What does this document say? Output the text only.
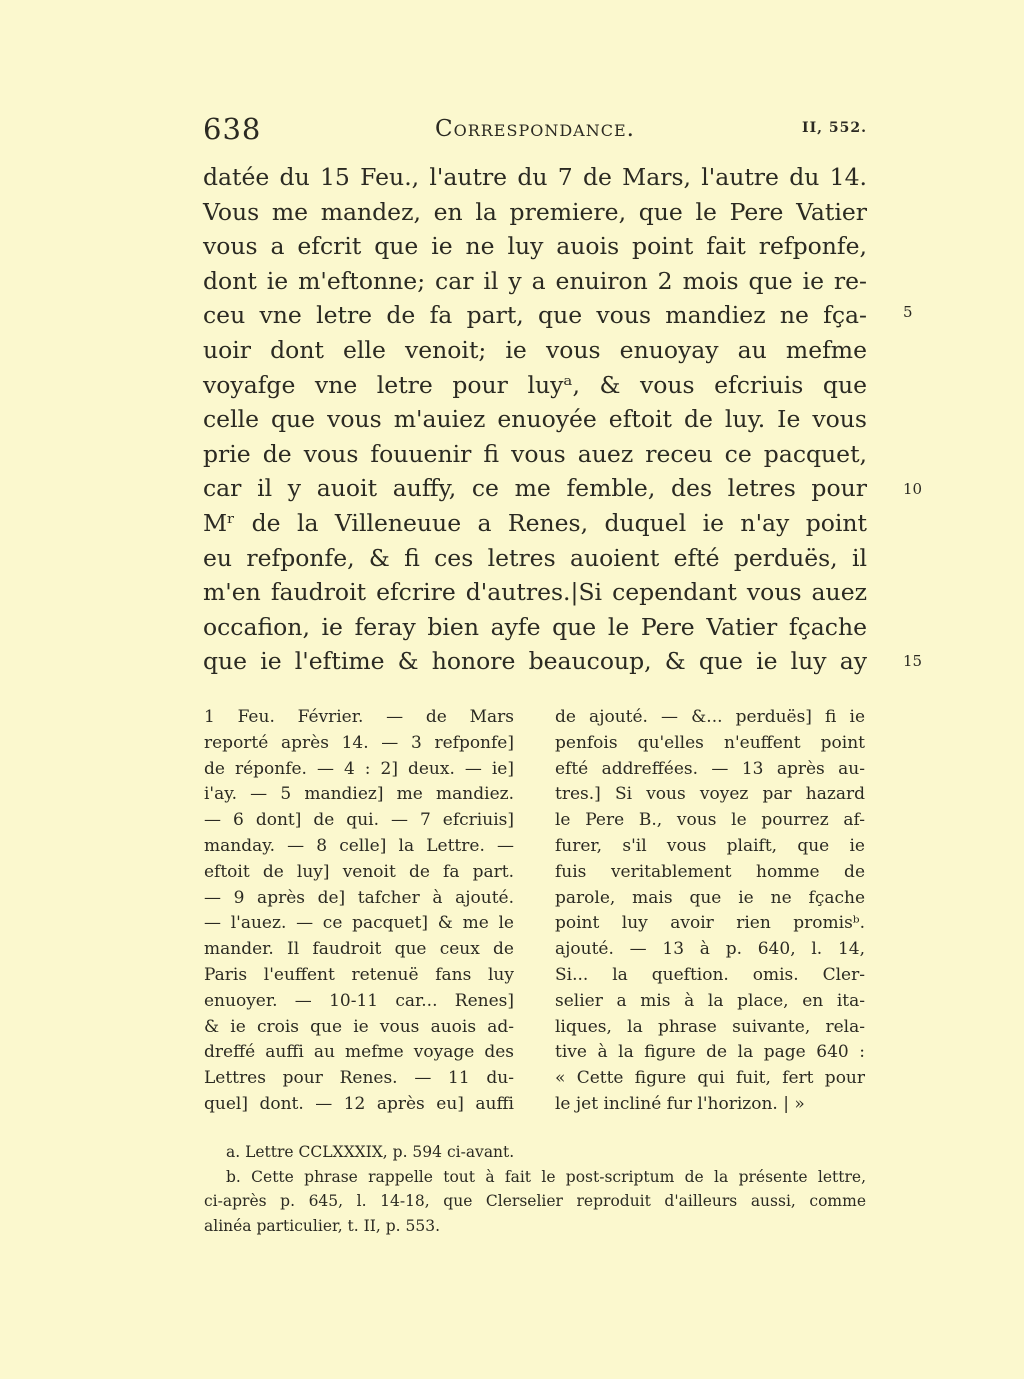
638	Correspondance.	II, 552.
datée du 15 Feu., l'autre du 7 de Mars, l'autre du 14.
Vous me mandez, en la premiere, que le Pere Vatier
vous a efcrit que ie ne luy auois point fait refponfe,
dont ie m'eftonne; car il y a enuiron 2 mois que ie re-
ceu vne letre de fa part, que vous mandiez ne fça-
uoir dont elle venoit; ie vous enuoyay au mefme
voyafge vne letre pour luyᵃ, & vous efcriuis que
celle que vous m'auiez enuoyée eftoit de luy. Ie vous
prie de vous fouuenir fi vous auez receu ce pacquet,
car il y auoit auffy, ce me femble, des letres pour
Mʳ de la Villeneuue a Renes, duquel ie n'ay point
eu refponfe, & fi ces letres auoient efté perduës, il
m'en faudroit efcrire d'autres.|Si cependant vous auez
occafion, ie feray bien ayfe que le Pere Vatier fçache
que ie l'eftime & honore beaucoup, & que ie luy ay
5
10
15
1 Feu. Février. — de Mars
reporté après 14. — 3 refponfe]
de réponfe. — 4 : 2] deux. — ie]
i'ay. — 5 mandiez] me mandiez.
— 6 dont] de qui. — 7 efcriuis]
manday. — 8 celle] la Lettre. —
eftoit de luy] venoit de fa part.
— 9 après de] tafcher à ajouté.
— l'auez. — ce pacquet] & me le
mander. Il faudroit que ceux de
Paris l'euffent retenuë fans luy
enuoyer. — 10-11 car... Renes]
& ie crois que ie vous auois ad-
dreffé auffi au mefme voyage des
Lettres pour Renes. — 11 du-
quel] dont. — 12 après eu] auffi
de ajouté. — &... perduës] fi ie
penfois qu'elles n'euffent point
efté addreffées. — 13 après au-
tres.] Si vous voyez par hazard
le Pere B., vous le pourrez af-
furer, s'il vous plaift, que ie
fuis veritablement homme de
parole, mais que ie ne fçache
point luy avoir rien promisᵇ.
ajouté. — 13 à p. 640, l. 14,
Si... la queftion. omis. Cler-
selier a mis à la place, en ita-
liques, la phrase suivante, rela-
tive à la figure de la page 640 :
« Cette figure qui fuit, fert pour
le jet incliné fur l'horizon. | »
a. Lettre CCLXXXIX, p. 594 ci-avant.
b. Cette phrase rappelle tout à fait le post-scriptum de la présente lettre,
ci-après p. 645, l. 14-18, que Clerselier reproduit d'ailleurs aussi, comme
alinéa particulier, t. II, p. 553.
